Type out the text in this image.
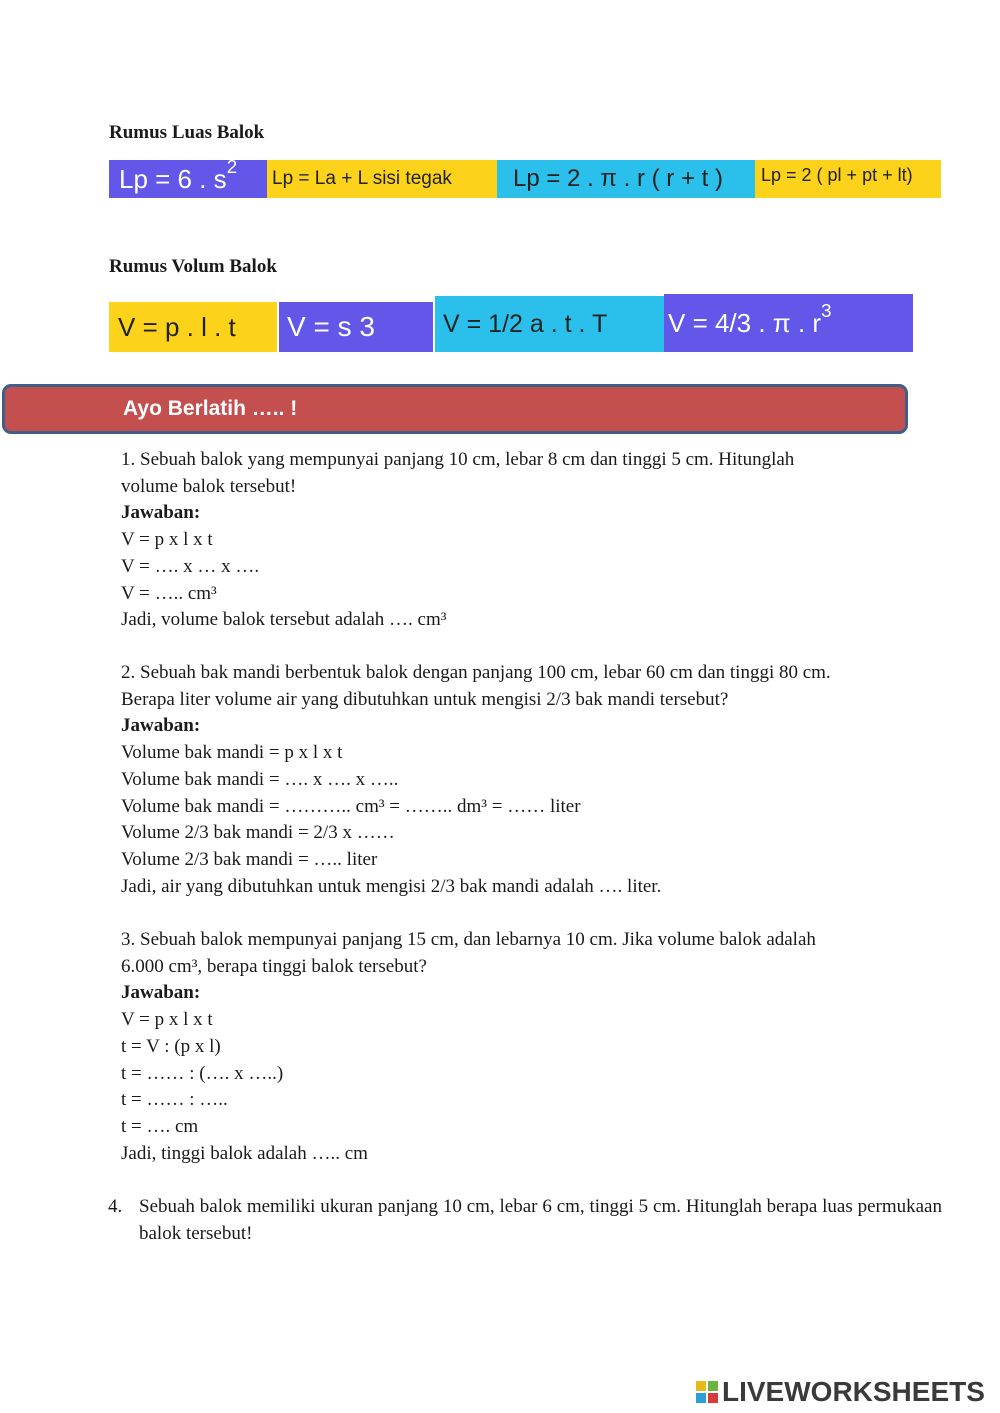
Rumus Luas Balok
Lp = 6 . s 2
Lp = La + L sisi tegak	Lp = 2 . π . r ( r + t ) Lp = 2 ( pl + pt + lt)
Rumus Volum Balok
V = p . l . t V = s 3	V = 1/2 a . t . T V = 4/3 . π . r 3
Ayo Berlatih ….. !
1. Sebuah balok yang mempunyai panjang 10 cm, lebar 8 cm dan tinggi 5 cm. Hitunglah
volume balok tersebut!
Jawaban:
V = p x l x t
V = …. x … x ….
V = ….. cm³
Jadi, volume balok tersebut adalah …. cm³
2. Sebuah bak mandi berbentuk balok dengan panjang 100 cm, lebar 60 cm dan tinggi 80 cm.
Berapa liter volume air yang dibutuhkan untuk mengisi 2/3 bak mandi tersebut?
Jawaban:
Volume bak mandi = p x l x t
Volume bak mandi = …. x …. x …..
Volume bak mandi = ……….. cm³ = …….. dm³ = …… liter
Volume 2/3 bak mandi = 2/3 x ……
Volume 2/3 bak mandi = ….. liter
Jadi, air yang dibutuhkan untuk mengisi 2/3 bak mandi adalah …. liter.
3. Sebuah balok mempunyai panjang 15 cm, dan lebarnya 10 cm. Jika volume balok adalah
6.000 cm³, berapa tinggi balok tersebut?
Jawaban:
V = p x l x t
t = V : (p x l)
t = …… : (…. x …..)
t = …… : …..
t = …. cm
Jadi, tinggi balok adalah ….. cm
4. Sebuah balok memiliki ukuran panjang 10 cm, lebar 6 cm, tinggi 5 cm. Hitunglah berapa luas permukaan balok tersebut!
LIVEWORKSHEETS
